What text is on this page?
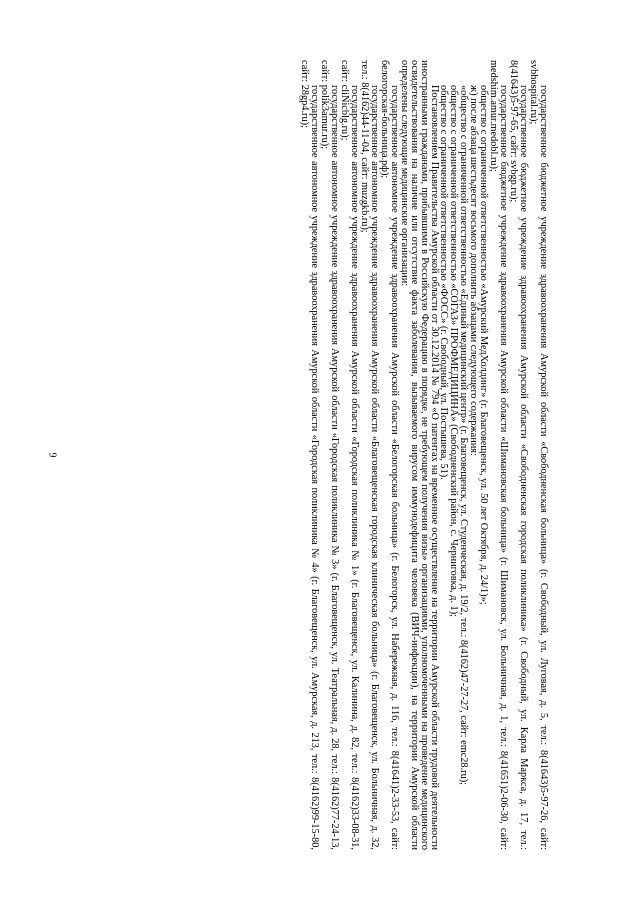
9	государственное бюджетное учреждение здравоохранения Амурской области «Свободненская больница» (г. Свободный, ул. Луговая, д. 5, тел.: 8(41643)5-97-26, сайт: svbhospital.ru);

государственное бюджетное учреждение здравоохранения Амурской области «Свободненская городская поликлиника» (г. Свободный, ул. Карла Маркса, д. 17, тел.: 8(41643)5-97-65, сайт: svbgp.ru);

государственное бюджетное учреждение здравоохранения Амурской области «Шимановская больница» (г. Шимановск, ул. Больничная, д. 1, тел.: 8(41651)2-06-30, сайт: medshim.amur.medobl.ru);

общество с ограниченной ответственностью «Амурский МедХолдинг» (г. Благовещенск, ул. 50 лет Октября, д. 24/1)»;

ж) после абзаца шестьдесят восьмого дополнить абзацами следующего содержания:

«общество с ограниченной ответственностью «Единый медицинский центр» (г. Благовещенск, ул. Студенческая, д. 19/2, тел.: 8(4162)47-27-27, сайт: emc28.ru);

общество с ограниченной ответственностью «СОГАЗ» ПРОФМЕДИЦИНА» (Свободненский район, с. Черниговка, д. 1);

общество с ограниченной ответственностью «ФОСС» (г. Свободный, ул. Постышева, 51).

Постановлением Правительства Амурской области от 30.12.2014 № 794 «О патентах на временное осуществление на территории Амурской области трудовой деятельности иностранными гражданами, прибывшими в Российскую Федерацию в порядке, не требующем получения визы» организациями, уполномоченными на проведение медицинского освидетельствования на наличие или отсутствие факта заболевания, вызываемого вирусом иммунодефицита человека (ВИЧ-инфекции), на территории Амурской области определены следующие медицинские организации:

государственное автономное учреждение здравоохранения Амурской области «Белогорская больница» (г. Белогорск, ул. Набережная, д. 116, тел.: 8(41641)2-33-53, сайт: белогорская-больница.рф);

государственное автономное учреждение здравоохранения Амурской области «Благовещенская городская клиническая больница» (г. Благовещенск, ул. Больничная, д. 32, тел.: 8(4162)44-11-04, сайт: muzgkb.ru);

государственное автономное учреждение здравоохранения Амурской области «Городская поликлиника № 1» (г. Благовещенск, ул. Калинина, д. 82, тел.: 8(4162)33-08-31, сайт: cliNicblg.ru);

государственное автономное учреждение здравоохранения Амурской области «Городская поликлиника № 3» (г. Благовещенск, ул. Театральная, д. 28, тел.: 8(4162)77-24-13, сайт: polik3amur.ru);

государственное автономное учреждение здравоохранения Амурской области «Городская поликлиника № 4» (г. Благовещенск, ул. Амурская, д. 213, тел.: 8(4162)99-15-80, сайт: 28gp4.ru);
